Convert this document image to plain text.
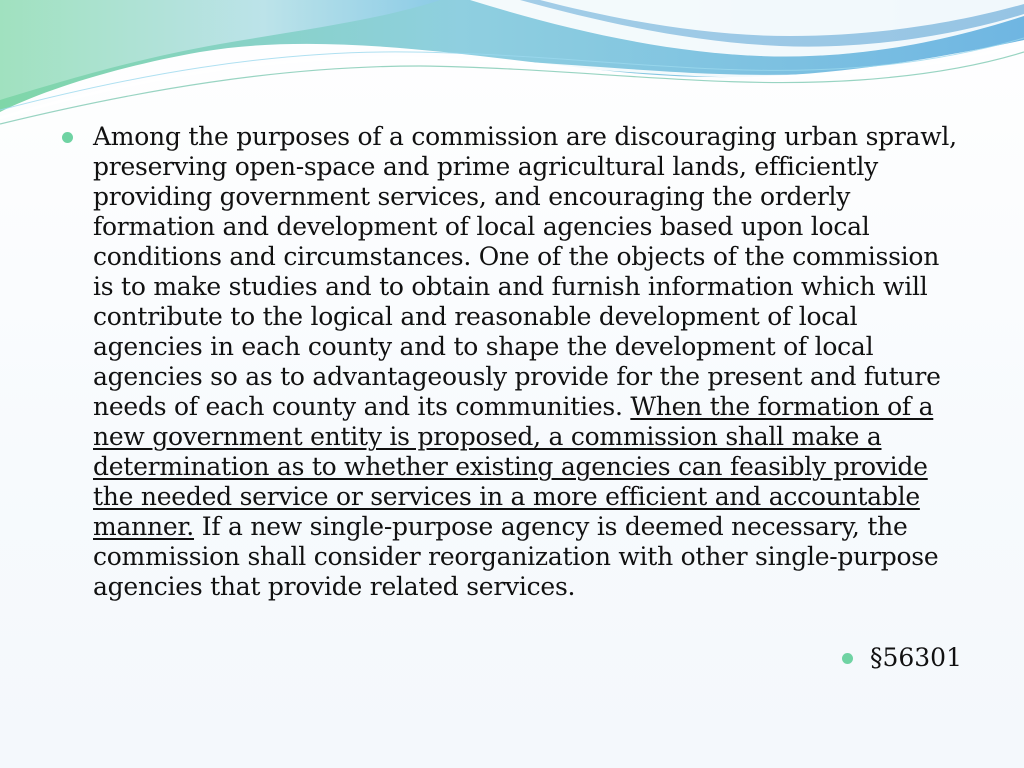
Among the purposes of a commission are discouraging urban sprawl, preserving open-space and prime agricultural lands, efficiently providing government services, and encouraging the orderly formation and development of local agencies based upon local conditions and circumstances. One of the objects of the commission is to make studies and to obtain and furnish information which will contribute to the logical and reasonable development of local agencies in each county and to shape the development of local agencies so as to advantageously provide for the present and future needs of each county and its communities. When the formation of a new government entity is proposed, a commission shall make a determination as to whether existing agencies can feasibly provide the needed service or services in a more efficient and accountable manner. If a new single-purpose agency is deemed necessary, the commission shall consider reorganization with other single-purpose agencies that provide related services.
§56301
